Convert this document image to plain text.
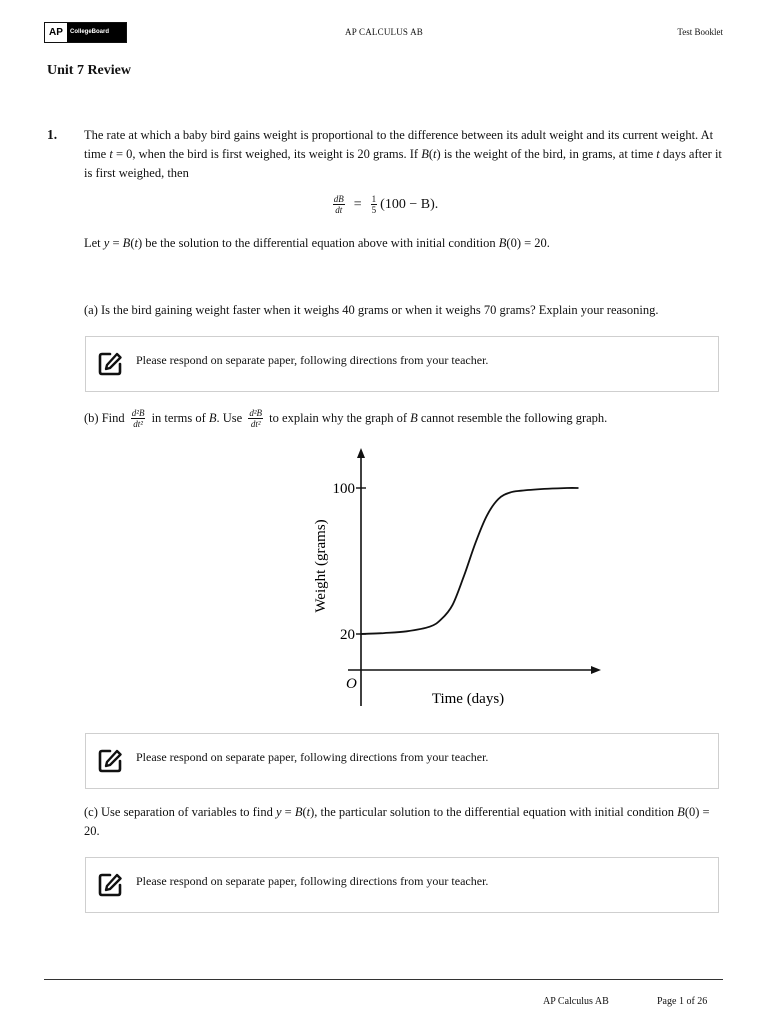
AP	CollegeBoard	AP CALCULUS AB	Test Booklet
Unit 7 Review
1. The rate at which a baby bird gains weight is proportional to the difference between its adult weight and its current weight. At time t = 0, when the bird is first weighed, its weight is 20 grams. If B(t) is the weight of the bird, in grams, at time t days after it is first weighed, then
$\frac{dB}{dt} = \frac{1}{5} (100 - B)$.
Let y = B(t) be the solution to the differential equation above with initial condition B(0) = 20.
(a) Is the bird gaining weight faster when it weighs 40 grams or when it weighs 70 grams? Explain your reasoning.
Please respond on separate paper, following directions from your teacher.
(b) Find $\frac{\text{d²B}}{\text{dt²}}$ in terms of B . Use $\frac{\text{d²B}}{\text{dt²}}$ to explain why the graph of B cannot resemble the following graph.
20
100
O
Time (days)
Weight (grams)
Please respond on separate paper, following directions from your teacher.
(c) Use separation of variables to find y = B(t), the particular solution to the differential equation with initial condition B(0) = 20.
Please respond on separate paper, following directions from your teacher.
AP Calculus AB	Page 1 of 26
